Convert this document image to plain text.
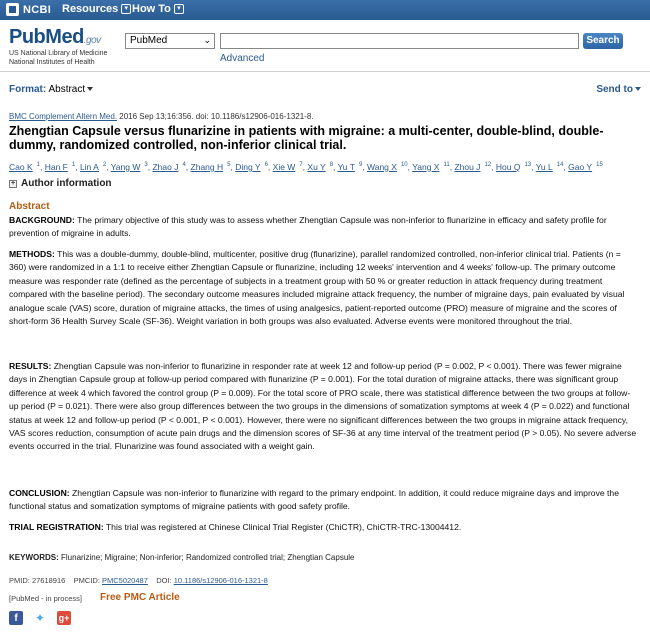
NCBI Resources ▾ How To ▾
PubMed.gov
US National Library of Medicine
National Institutes of Health
PubMed	⌄	Search
Advanced
Format: Abstract	Send to
BMC Complement Altern Med. 2016 Sep 13;16:356. doi: 10.1186/s12906-016-1321-8.
Zhengtian Capsule versus flunarizine in patients with migraine: a multi-center, double-blind, double-dummy, randomized controlled, non-inferior clinical trial.
Cao K $^1$, Han F $^1$, Lin A $^2$, Yang W $^3$, Zhao J $^4$, Zhang H $^5$, Ding Y $^6$, Xie W $^7$, Xu Y $^8$, Yu T $^9$, Wang X $^{10}$, Yang X $^{11}$, Zhou J $^{12}$, Hou Q $^{13}$, Yu L $^{14}$, Gao Y $^{15}$
+ Author information
Abstract
BACKGROUND: The primary objective of this study was to assess whether Zhengtian Capsule was non-inferior to flunarizine in efficacy and safety profile for prevention of migraine in adults.
METHODS: This was a double-dummy, double-blind, multicenter, positive drug (flunarizine), parallel randomized controlled, non-inferior clinical trial. Patients (n = 360) were randomized in a 1:1 to receive either Zhengtian Capsule or flunarizine, including 12 weeks' intervention and 4 weeks' follow-up. The primary outcome measure was responder rate (defined as the percentage of subjects in a treatment group with 50 % or greater reduction in attack frequency during treatment compared with the baseline period). The secondary outcome measures included migraine attack frequency, the number of migraine days, pain evaluated by visual analogue scale (VAS) score, duration of migraine attacks, the times of using analgesics, patient-reported outcome (PRO) measure of migraine and the scores of short-form 36 Health Survey Scale (SF-36). Weight variation in both groups was also evaluated. Adverse events were monitored throughout the trial.
RESULTS: Zhengtian Capsule was non-inferior to flunarizine in responder rate at week 12 and follow-up period (P = 0.002, P < 0.001). There was fewer migraine days in Zhengtian Capsule group at follow-up period compared with flunarizine (P = 0.001). For the total duration of migraine attacks, there was significant group difference at week 4 which favored the control group (P = 0.009). For the total score of PRO scale, there was statistical difference between the two groups at follow-up period (P = 0.021). There were also group differences between the two groups in the dimensions of somatization symptoms at week 4 (P = 0.022) and functional status at week 12 and follow-up period (P < 0.001, P < 0.001). However, there were no significant differences between the two groups in migraine attack frequency, VAS scores reduction, consumption of acute pain drugs and the dimension scores of SF-36 at any time interval of the treatment period (P > 0.05). No severe adverse events occurred in the trial. Flunarizine was found associated with a weight gain.
CONCLUSION: Zhengtian Capsule was non-inferior to flunarizine with regard to the primary endpoint. In addition, it could reduce migraine days and improve the functional status and somatization symptoms of migraine patients with good safety profile.
TRIAL REGISTRATION: This trial was registered at Chinese Clinical Trial Register (ChiCTR), ChiCTR-TRC-13004412.
KEYWORDS: Flunarizine; Migraine; Non-inferior; Randomized controlled trial; Zhengtian Capsule
PMID: 27618916 PMCID: PMC5020487 DOI: 10.1186/s12906-016-1321-8
[PubMed - in process] Free PMC Article
f	✦ g+
